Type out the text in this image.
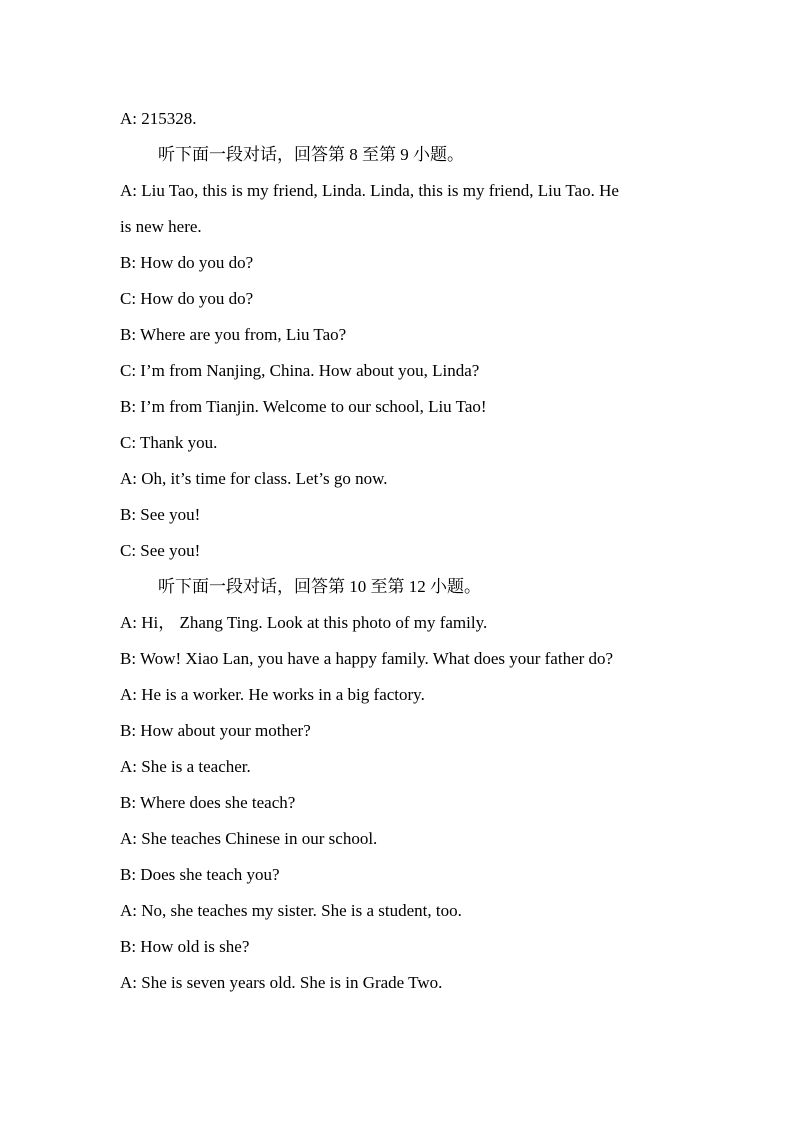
A: 215328.
听下面一段对话，回答第 8 至第 9 小题。
A: Liu Tao, this is my friend, Linda. Linda, this is my friend, Liu Tao. He
is new here.
B: How do you do?
C: How do you do?
B: Where are you from, Liu Tao?
C: I’m from Nanjing, China. How about you, Linda?
B: I’m from Tianjin. Welcome to our school, Liu Tao!
C: Thank you.
A: Oh, it’s time for class. Let’s go now.
B: See you!
C: See you!
听下面一段对话，回答第 10 至第 12 小题。
A: Hi， Zhang Ting. Look at this photo of my family.
B: Wow! Xiao Lan, you have a happy family. What does your father do?
A: He is a worker. He works in a big factory.
B: How about your mother?
A: She is a teacher.
B: Where does she teach?
A: She teaches Chinese in our school.
B: Does she teach you?
A: No, she teaches my sister. She is a student, too.
B: How old is she?
A: She is seven years old. She is in Grade Two.
